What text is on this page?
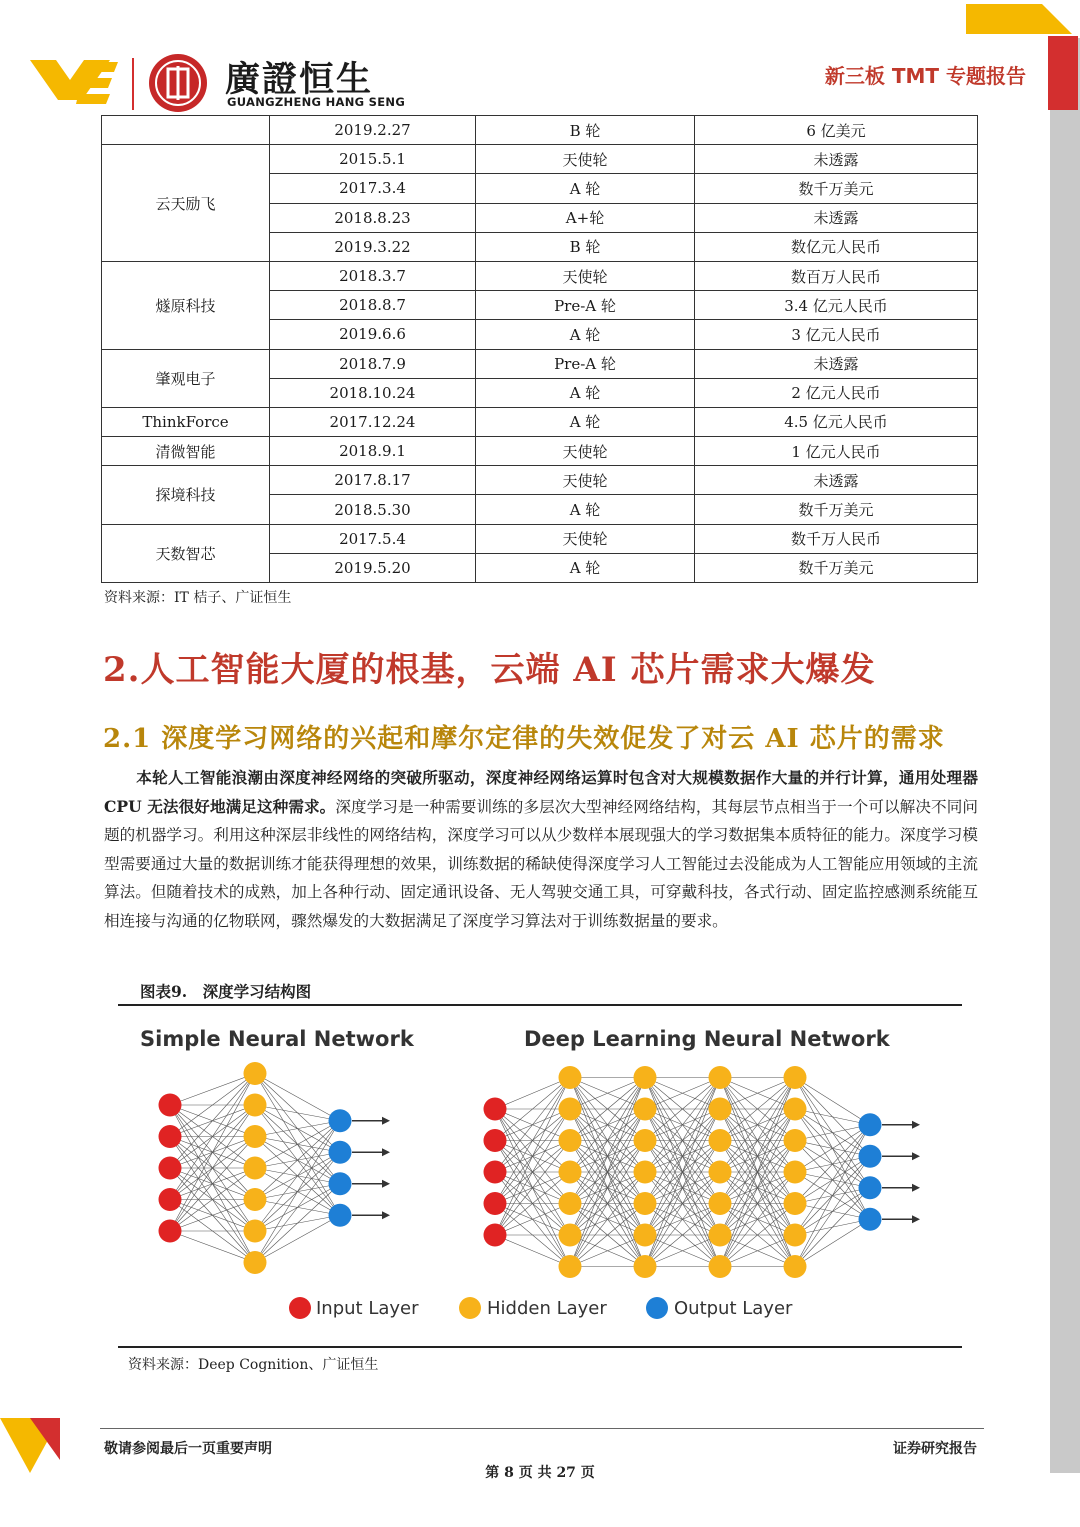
廣證恒生
GUANGZHENG HANG SENG
新三板 TMT 专题报告
	2019.2.27	B 轮	6 亿美元
云天励飞	2015.5.1	天使轮	未透露
	2017.3.4	A 轮	数千万美元
	2018.8.23	A+轮	未透露
	2019.3.22	B 轮	数亿元人民币
燧原科技	2018.3.7	天使轮	数百万人民币
	2018.8.7	Pre-A 轮	3.4 亿元人民币
	2019.6.6	A 轮	3 亿元人民币
肇观电子	2018.7.9	Pre-A 轮	未透露
	2018.10.24	A 轮	2 亿元人民币
ThinkForce	2017.12.24	A 轮	4.5 亿元人民币
清微智能	2018.9.1	天使轮	1 亿元人民币
探境科技	2017.8.17	天使轮	未透露
	2018.5.30	A 轮	数千万美元
天数智芯	2017.5.4	天使轮	数千万人民币
	2019.5.20	A 轮	数千万美元
资料来源：IT 桔子、广证恒生
2.人工智能大厦的根基，云端 AI 芯片需求大爆发
2.1 深度学习网络的兴起和摩尔定律的失效促发了对云 AI 芯片的需求
本轮人工智能浪潮由深度神经网络的突破所驱动，深度神经网络运算时包含对大规模数据作大量的并行计算，通用处理器 CPU 无法很好地满足这种需求。深度学习是一种需要训练的多层次大型神经网络结构，其每层节点相当于一个可以解决不同问题的机器学习。利用这种深层非线性的网络结构，深度学习可以从少数样本展现强大的学习数据集本质特征的能力。深度学习模型需要通过大量的数据训练才能获得理想的效果，训练数据的稀缺使得深度学习人工智能过去没能成为人工智能应用领域的主流算法。但随着技术的成熟，加上各种行动、固定通讯设备、无人驾驶交通工具，可穿戴科技，各式行动、固定监控感测系统能互相连接与沟通的亿物联网，骤然爆发的大数据满足了深度学习算法对于训练数据量的要求。
图表9.　深度学习结构图
Simple Neural Network	Deep Learning Neural Network
Input Layer	Hidden Layer	Output Layer
资料来源：Deep Cognition、广证恒生
敬请参阅最后一页重要声明	证券研究报告
第 8 页 共 27 页
